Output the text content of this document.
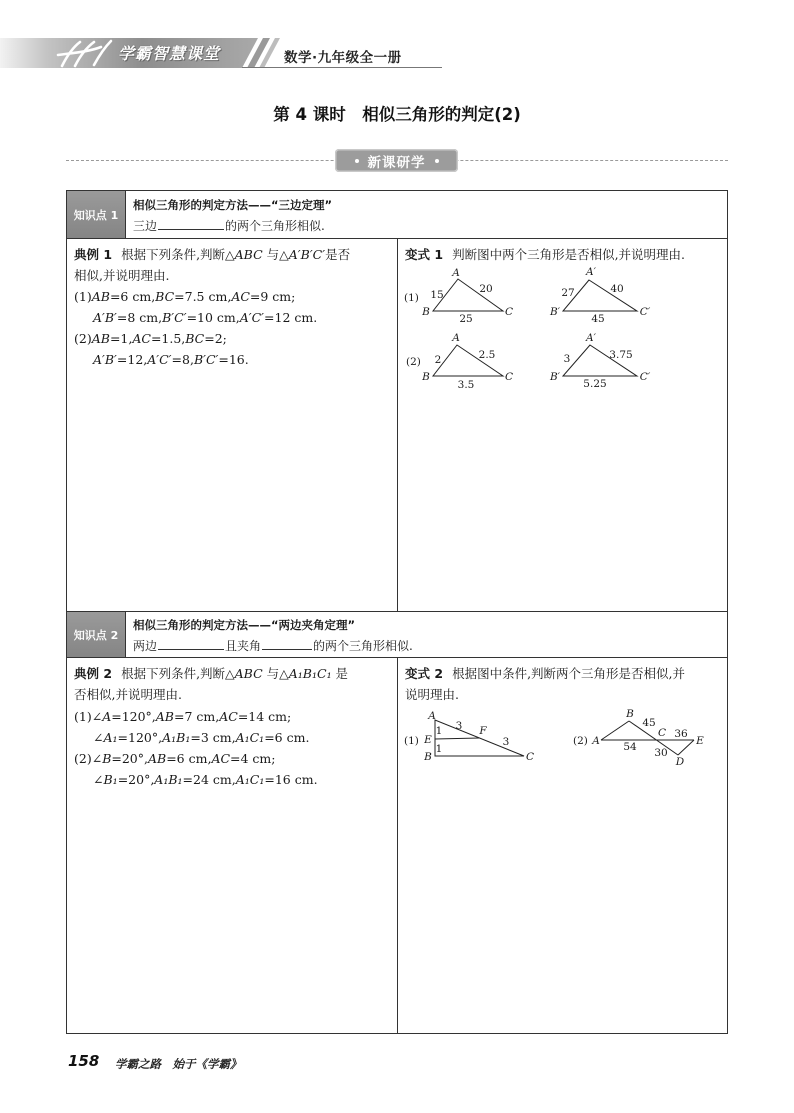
学霸智慧课堂	数学·九年级全一册
第 4 课时　相似三角形的判定(2)
新课研学
知识点 1
相似三角形的判定方法——“三边定理”
三边	的两个三角形相似.
典例 1 根据下列条件,判断△ABC 与△A′B′C′是否
相似,并说明理由.
(1)AB=6 cm,BC=7.5 cm,AC=9 cm;
A′B′=8 cm,B′C′=10 cm,A′C′=12 cm.
(2)AB=1,AC=1.5,BC=2;
A′B′=12,A′C′=8,B′C′=16.
变式 1 判断图中两个三角形是否相似,并说明理由.
(1)
A
B	C
15	20
25
A′
B′	C′
27	40
45
(2)
A
B	C
2	2.5
3.5
A′
B′	C′
3	3.75
5.25
知识点 2
相似三角形的判定方法——“两边夹角定理”
两边	且夹角	的两个三角形相似.
典例 2 根据下列条件,判断△ABC 与△A₁B₁C₁ 是
否相似,并说明理由.
(1)∠A=120°,AB=7 cm,AC=14 cm;
∠A₁=120°,A₁B₁=3 cm,A₁C₁=6 cm.
(2)∠B=20°,AB=6 cm,AC=4 cm;
∠B₁=20°,A₁B₁=24 cm,A₁C₁=16 cm.
变式 2 根据图中条件,判断两个三角形是否相似,并
说明理由.
(1)
A
E
B
F
C
3
3
1
1
(2) A
B
C
E
D
45
54
36
30
158 学霸之路　始于《学霸》
